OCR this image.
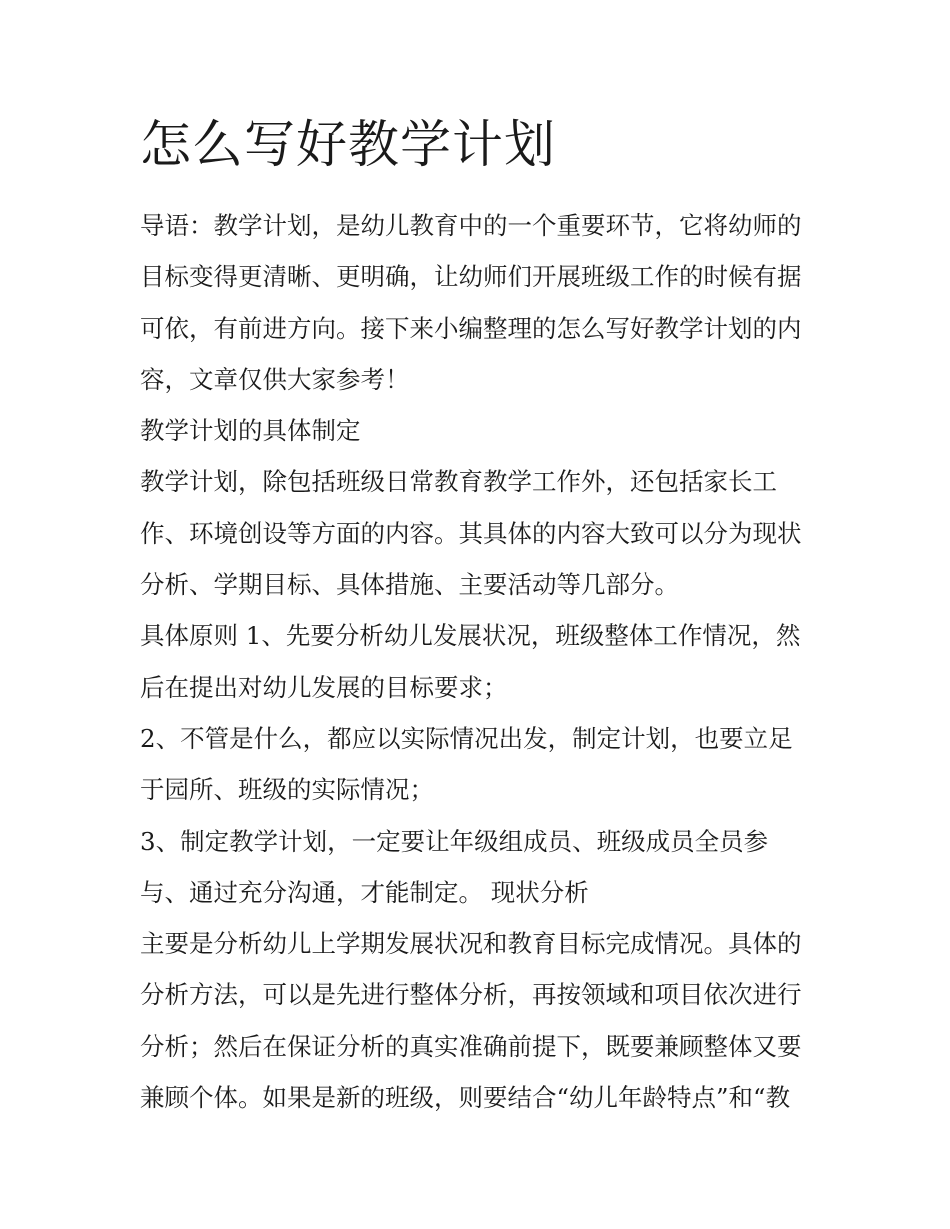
怎么写好教学计划
导语：教学计划，是幼儿教育中的一个重要环节，它将幼师的
目标变得更清晰、更明确，让幼师们开展班级工作的时候有据
可依，有前进方向。接下来小编整理的怎么写好教学计划的内
容，文章仅供大家参考！
教学计划的具体制定
教学计划，除包括班级日常教育教学工作外，还包括家长工
作、环境创设等方面的内容。其具体的内容大致可以分为现状
分析、学期目标、具体措施、主要活动等几部分。
具体原则 1、先要分析幼儿发展状况，班级整体工作情况，然
后在提出对幼儿发展的目标要求；
2、不管是什么，都应以实际情况出发，制定计划，也要立足
于园所、班级的实际情况；
3、制定教学计划，一定要让年级组成员、班级成员全员参
与、通过充分沟通，才能制定。 现状分析
主要是分析幼儿上学期发展状况和教育目标完成情况。具体的
分析方法，可以是先进行整体分析，再按领域和项目依次进行
分析；然后在保证分析的真实准确前提下，既要兼顾整体又要
兼顾个体。如果是新的班级，则要结合“幼儿年龄特点”和“教
